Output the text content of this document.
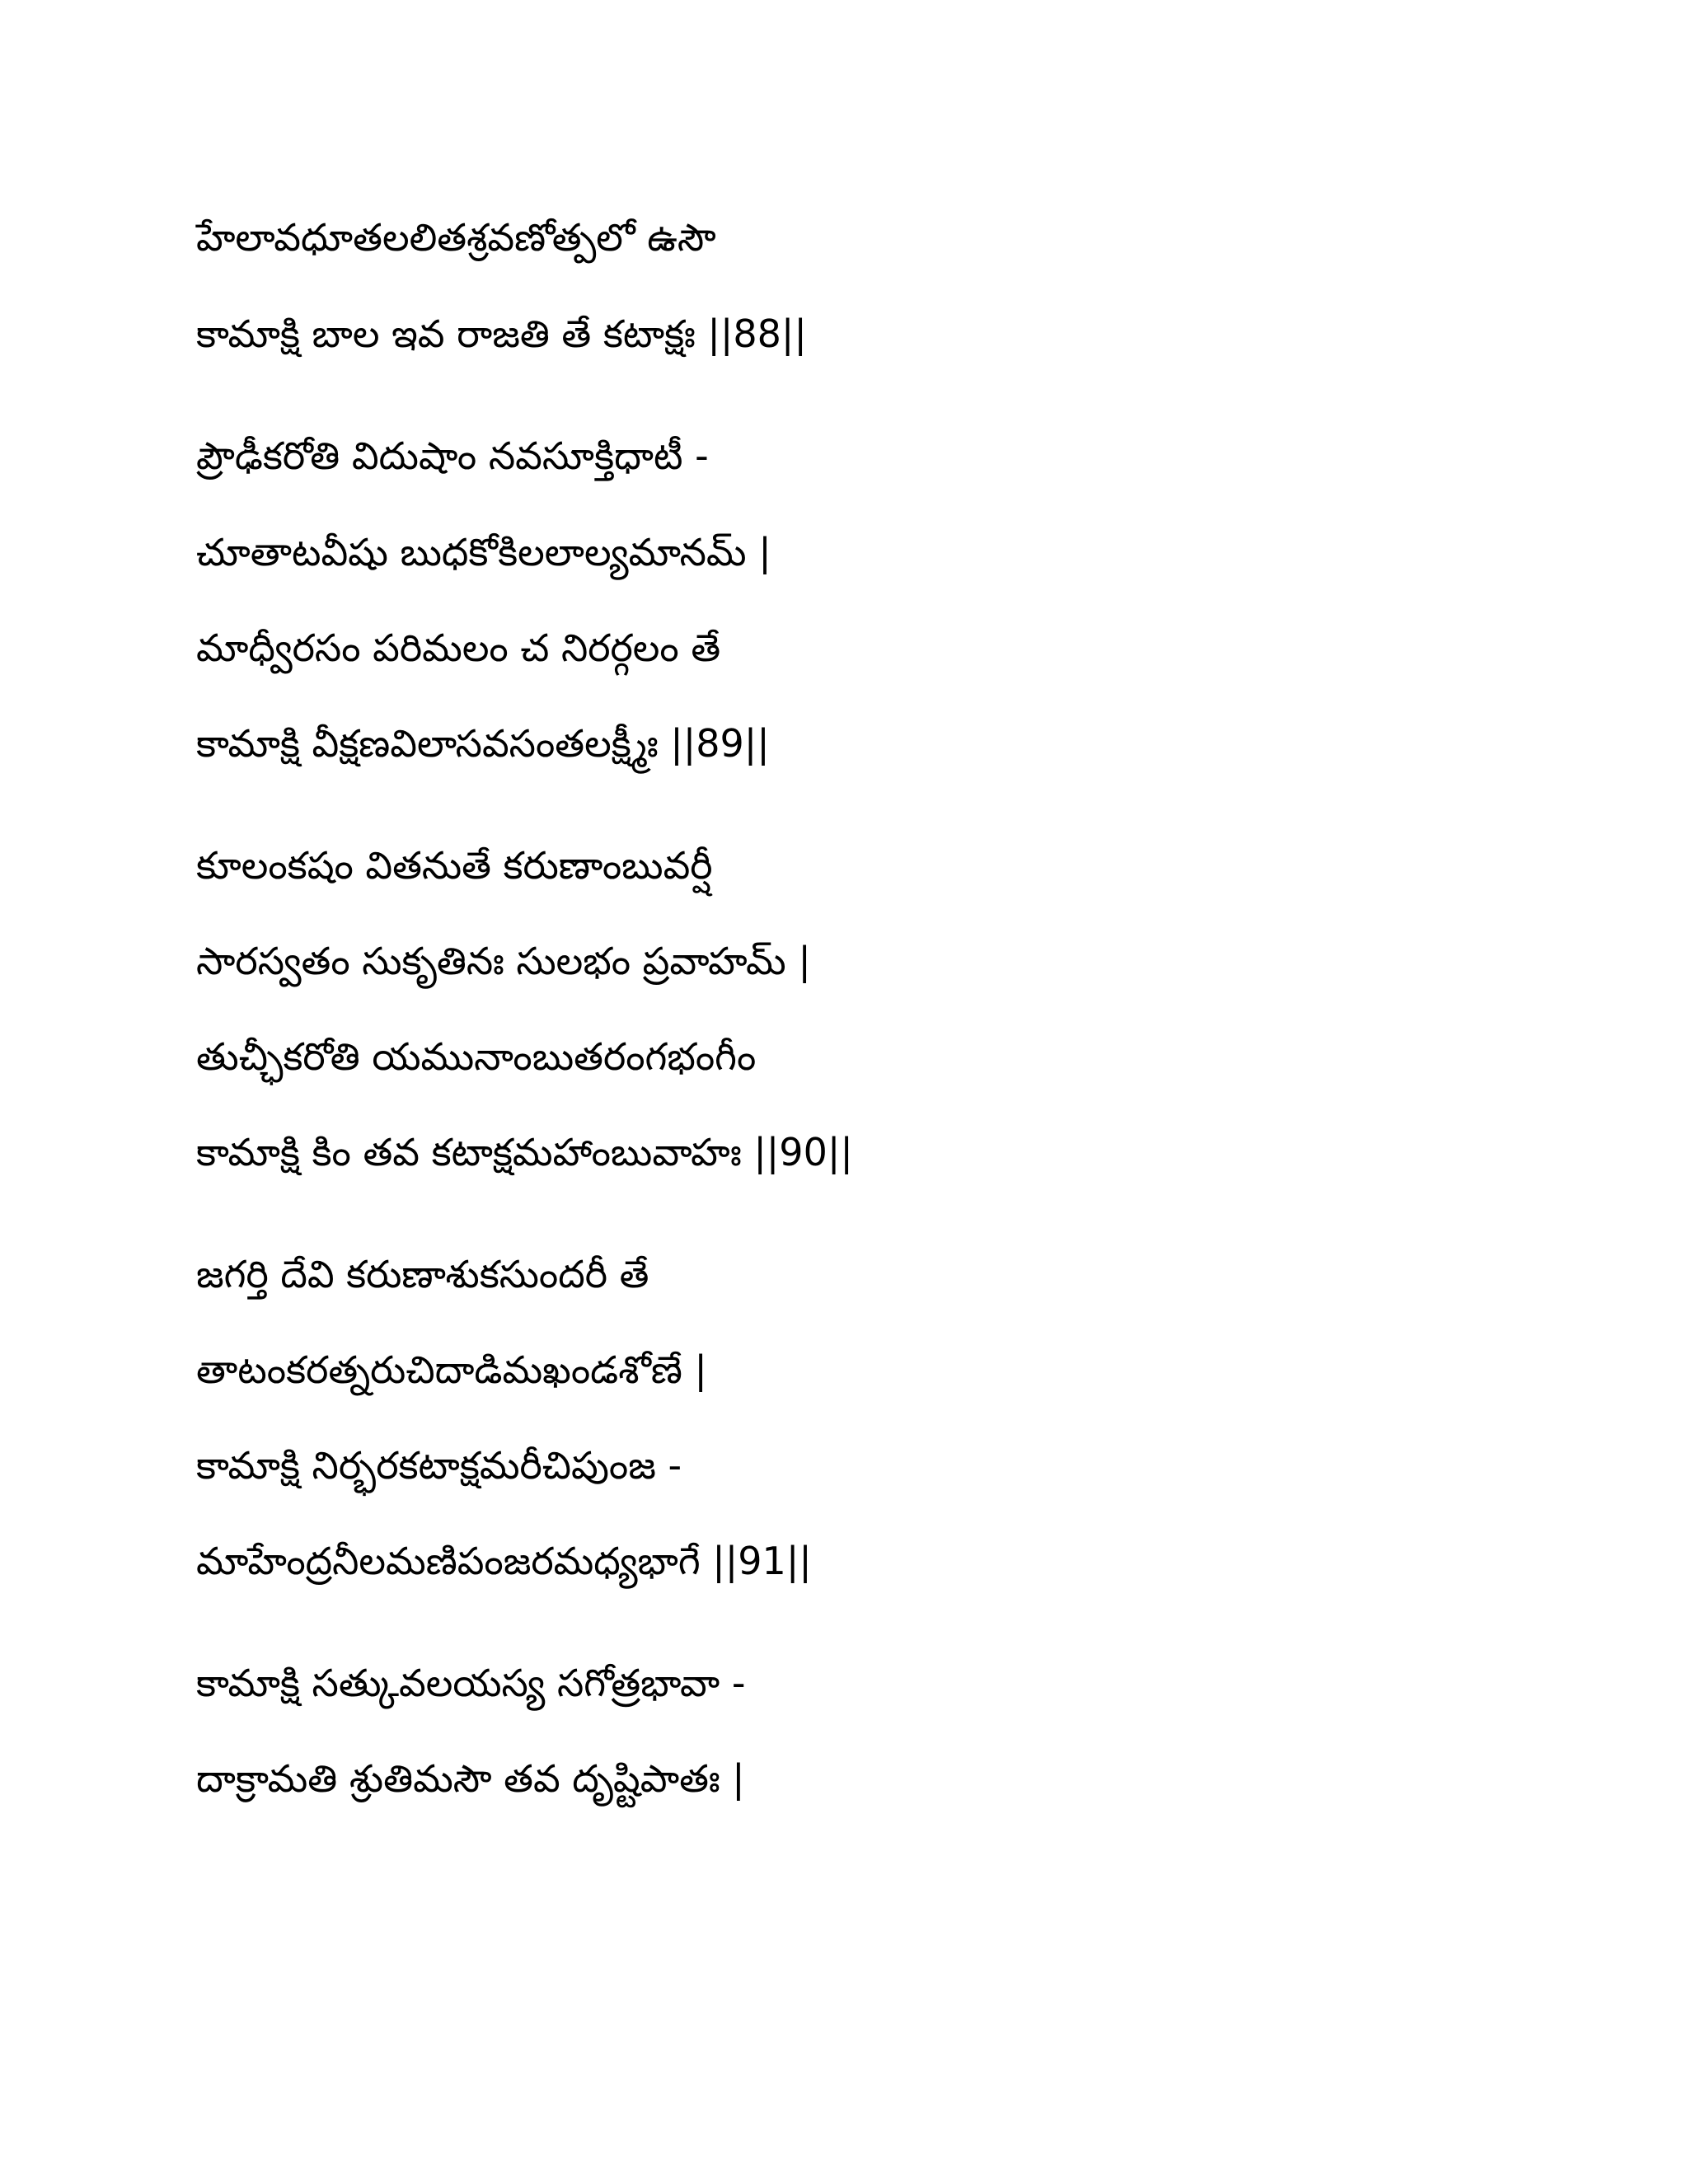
హేలావధూతలలితశ్రవణోత్పలో ఉసౌ
కామాక్షి బాల ఇవ రాజతి తే కటాక్షః ||88||
ప్రౌఢీకరోతి విదుషాం నవసూక్తిధాటీ -
చూతాటవీషు బుధకోకిలలాల్యమానమ్ |
మాధ్వీరసం పరిమలం చ నిరర్గలం తే
కామాక్షి వీక్షణవిలాసవసంతలక్ష్మీః ||89||
కూలంకషం వితనుతే కరుణాంబువర్షీ
సారస్వతం సుకృతినః సులభం ప్రవాహమ్ |
తుచ్ఛీకరోతి యమునాంబుతరంగభంగీం
కామాక్షి కిం తవ కటాక్షమహాంబువాహః ||90||
జగర్తి దేవి కరుణాశుకసుందరీ తే
తాటంకరత్నరుచిదాడిమఖండశోణే |
కామాక్షి నిర్భరకటాక్షమరీచిపుంజ -
మాహేంద్రనీలమణిపంజరమధ్యభాగే ||91||
కామాక్షి సత్కువలయస్య సగోత్రభావా -
దాక్రామతి శ్రుతిమసౌ తవ దృష్టిపాతః |
